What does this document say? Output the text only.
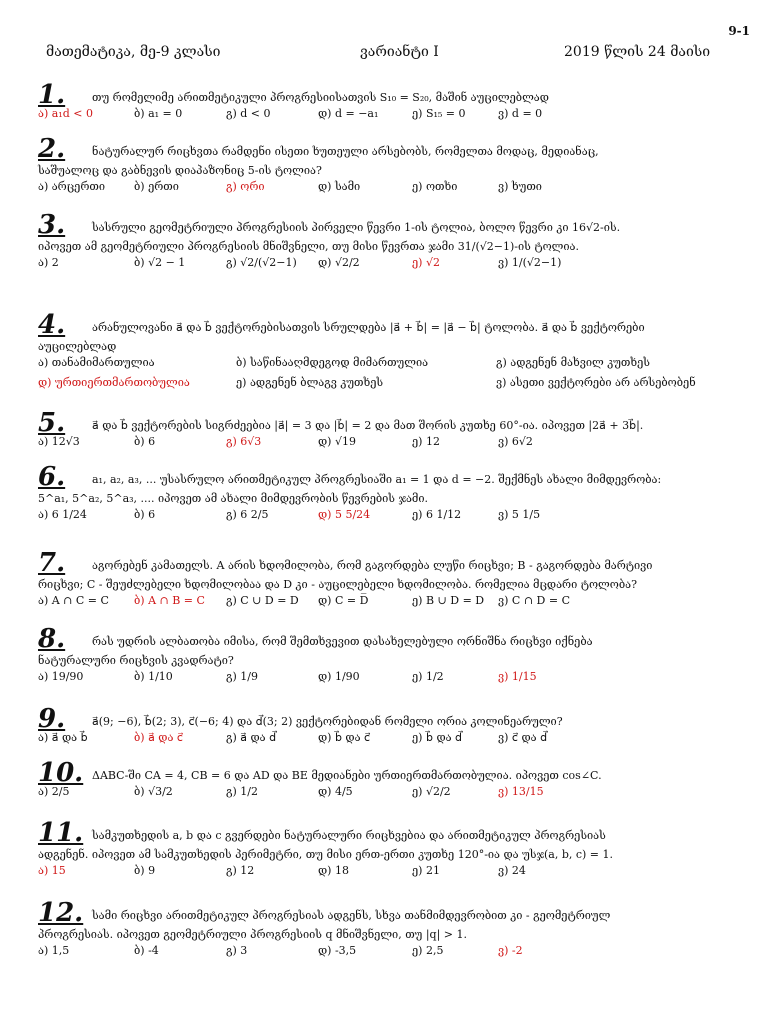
9-1
მათემატიკა, მე-9 კლასი	ვარიანტი I	2019 წლის 24 მაისი
1.	თუ რომელიმე არითმეტიკული პროგრესიისათვის S₁₀ = S₂₀, მაშინ აუცილებლად
ა) a₁d < 0	ბ) a₁ = 0	გ) d < 0	დ) d = −a₁	ე) S₁₅ = 0	ვ) d = 0
2.	ნატურალურ რიცხვთა რამდენი ისეთი ხუთეული არსებობს, რომელთა მოდაც, მედიანაც,
საშუალოც და გაბნევის დიაპაზონიც 5-ის ტოლია?
ა) არცერთი	ბ) ერთი	გ) ორი	დ) სამი	ე) ოთხი	ვ) ხუთი
3.	სასრული გეომეტრიული პროგრესიის პირველი წევრი 1-ის ტოლია, ბოლო წევრი კი 16√2-ის.
იპოვეთ ამ გეომეტრიული პროგრესიის მნიშვნელი, თუ მისი წევრთა ჯამი 31/(√2−1)-ის ტოლია.
ა) 2	ბ) √2 − 1	გ) √2/(√2−1) დ) √2/2	ე) √2	ვ) 1/(√2−1)
4.	არანულოვანი a⃗ და b⃗ ვექტორებისათვის სრულდება |a⃗ + b⃗| = |a⃗ − b⃗| ტოლობა. a⃗ და b⃗ ვექტორები
აუცილებლად
ა) თანამიმართულია	ბ) საწინააღმდეგოდ მიმართულია	გ) ადგენენ მახვილ კუთხეს
დ) ურთიერთმართობულია	ე) ადგენენ ბლაგვ კუთხეს	ვ) ასეთი ვექტორები არ არსებობენ
5.	a⃗ და b⃗ ვექტორების სიგრძეებია |a⃗| = 3 და |b⃗| = 2 და მათ შორის კუთხე 60°-ია. იპოვეთ |2a⃗ + 3b⃗|.
ა) 12√3	ბ) 6	გ) 6√3	დ) √19	ე) 12	ვ) 6√2
6.	a₁, a₂, a₃, ... უსასრულო არითმეტიკულ პროგრესიაში a₁ = 1 და d = −2. შექმნეს ახალი მიმდევრობა:
5^a₁, 5^a₂, 5^a₃, .... იპოვეთ ამ ახალი მიმდევრობის წევრების ჯამი.
ა) 6 1/24	ბ) 6	გ) 6 2/5	დ) 5 5/24	ე) 6 1/12	ვ) 5 1/5
7.	აგორებენ კამათელს. A არის ხდომილობა, რომ გაგორდება ლუწი რიცხვი; B - გაგორდება მარტივი
რიცხვი; C - შეუძლებელი ხდომილობაა და D კი - აუცილებელი ხდომილობა. რომელია მცდარი ტოლობა?
ა) A ∩ C = C ბ) A ∩ B = C გ) C ∪ D = D დ) C = D̅	ე) B ∪ D = D ვ) C ∩ D = C
8.	რას უდრის ალბათობა იმისა, რომ შემთხვევით დასახელებული ორნიშნა რიცხვი იქნება
ნატურალური რიცხვის კვადრატი?
ა) 19/90	ბ) 1/10	გ) 1/9	დ) 1/90	ე) 1/2	ვ) 1/15
9.	a⃗(9; −6), b⃗(2; 3), c⃗(−6; 4) და d⃗(3; 2) ვექტორებიდან რომელი ორია კოლინეარული?
ა) a⃗ და b⃗	ბ) a⃗ და c⃗	გ) a⃗ და d⃗	დ) b⃗ და c⃗	ე) b⃗ და d⃗	ვ) c⃗ და d⃗
10. ΔABC-ში CA = 4, CB = 6 და AD და BE მედიანები ურთიერთმართობულია. იპოვეთ cos∠C.
ა) 2/5	ბ) √3/2	გ) 1/2	დ) 4/5	ე) √2/2	ვ) 13/15
11. სამკუთხედის a, b და c გვერდები ნატურალური რიცხვებია და არითმეტიკულ პროგრესიას
ადგენენ. იპოვეთ ამ სამკუთხედის პერიმეტრი, თუ მისი ერთ-ერთი კუთხე 120°-ია და უსჯ(a, b, c) = 1.
ა) 15	ბ) 9	გ) 12	დ) 18	ე) 21	ვ) 24
12. სამი რიცხვი არითმეტიკულ პროგრესიას ადგენს, სხვა თანმიმდევრობით კი - გეომეტრიულ
პროგრესიას. იპოვეთ გეომეტრიული პროგრესიის q მნიშვნელი, თუ |q| > 1.
ა) 1,5	ბ) -4	გ) 3	დ) -3,5	ე) 2,5	ვ) -2
